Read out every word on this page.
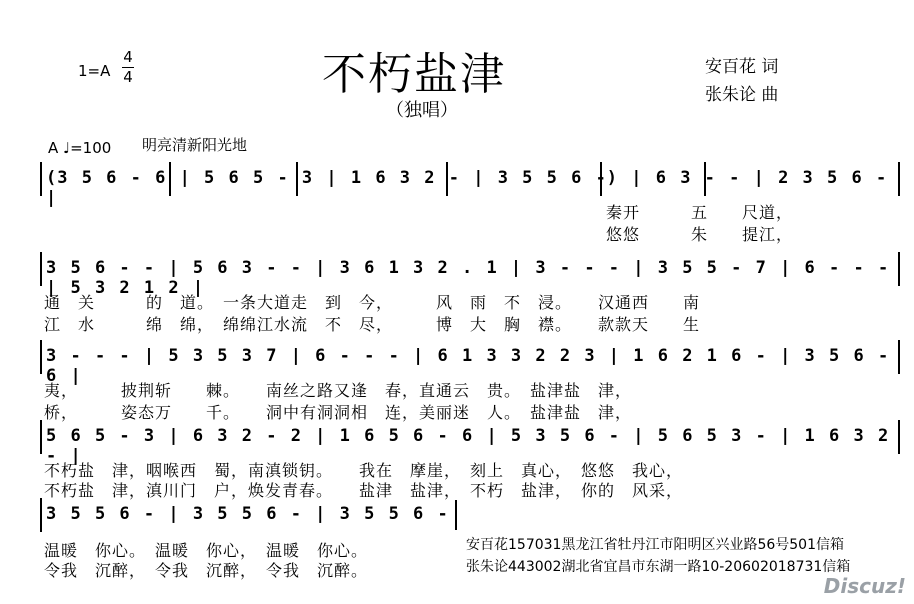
不朽盐津
（独唱）
1=A
4
4	安百花 词
张朱论 曲
A ♩=100 明亮清新阳光地
(3 5 6 - 6 | 5 6 5 - 3 | 1 6 3 2 - | 3 5 5 6 -) | 6 3 - - | 2 3 5 6 - |
秦开　　　五　　尺道，
悠悠　　　朱　　提江，
3 5 6 - - | 5 6 3 - - | 3 6 1 3 2 . 1 | 3 - - - | 3 5 5 - 7 | 6 - - - | 5 3 2 1 2 |
通　关　　　的　道。　一条大道走　到　今，　　　风　雨　不　浸。　　汉通西　　南
江　水　　　绵　绵，　绵绵江水流　不　尽，　　　博　大　胸　襟。　　款款天　　生
3 - - - | 5 3 5 3 7 | 6 - - - | 6 1 3 3 2 2 3 | 1 6 2 1 6 - | 3 5 6 - 6 |
夷，　　　披荆斩　　棘。　　南丝之路又逢　春，直通云　贵。　盐津盐　津，
桥，　　　姿态万　　千。　　洞中有洞洞相　连，美丽迷　人。　盐津盐　津，
5 6 5 - 3 | 6 3 2 - 2 | 1 6 5 6 - 6 | 5 3 5 6 - | 5 6 5 3 - | 1 6 3 2 - |
不朽盐　津，咽喉西　蜀，南滇锁钥。　　我在　摩崖，　刻上　真心，　悠悠　我心，
不朽盐　津，滇川门　户，焕发青春。　　盐津　盐津，　不朽　盐津，　你的　风采，
3 5 5 6 - | 3 5 5 6 - | 3 5 5 6 -
温暖　你心。　温暖　你心，　温暖　你心。
令我　沉醉，　令我　沉醉，　令我　沉醉。
安百花157031黑龙江省牡丹江市阳明区兴业路56号501信箱
张朱论443002湖北省宜昌市东湖一路10-20602018731信箱
Discuz!
